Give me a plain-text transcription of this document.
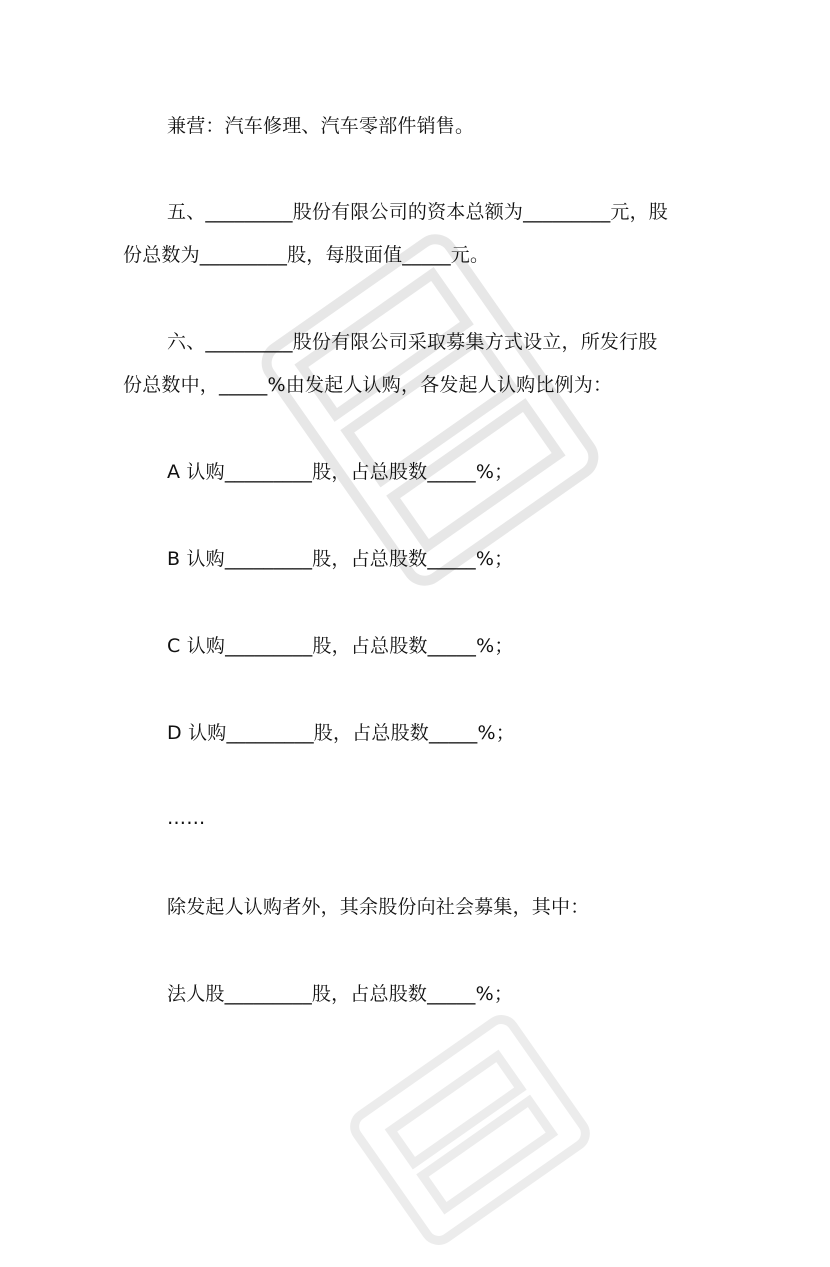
兼营：汽车修理、汽车零部件销售。
五、_________股份有限公司的资本总额为_________元，股
份总数为_________股，每股面值_____元。
六、_________股份有限公司采取募集方式设立，所发行股
份总数中，_____%由发起人认购，各发起人认购比例为：
A 认购_________股，占总股数_____%；
B 认购_________股，占总股数_____%；
C 认购_________股，占总股数_____%；
D 认购_________股，占总股数_____%；
……
除发起人认购者外，其余股份向社会募集，其中：
法人股_________股，占总股数_____%；
